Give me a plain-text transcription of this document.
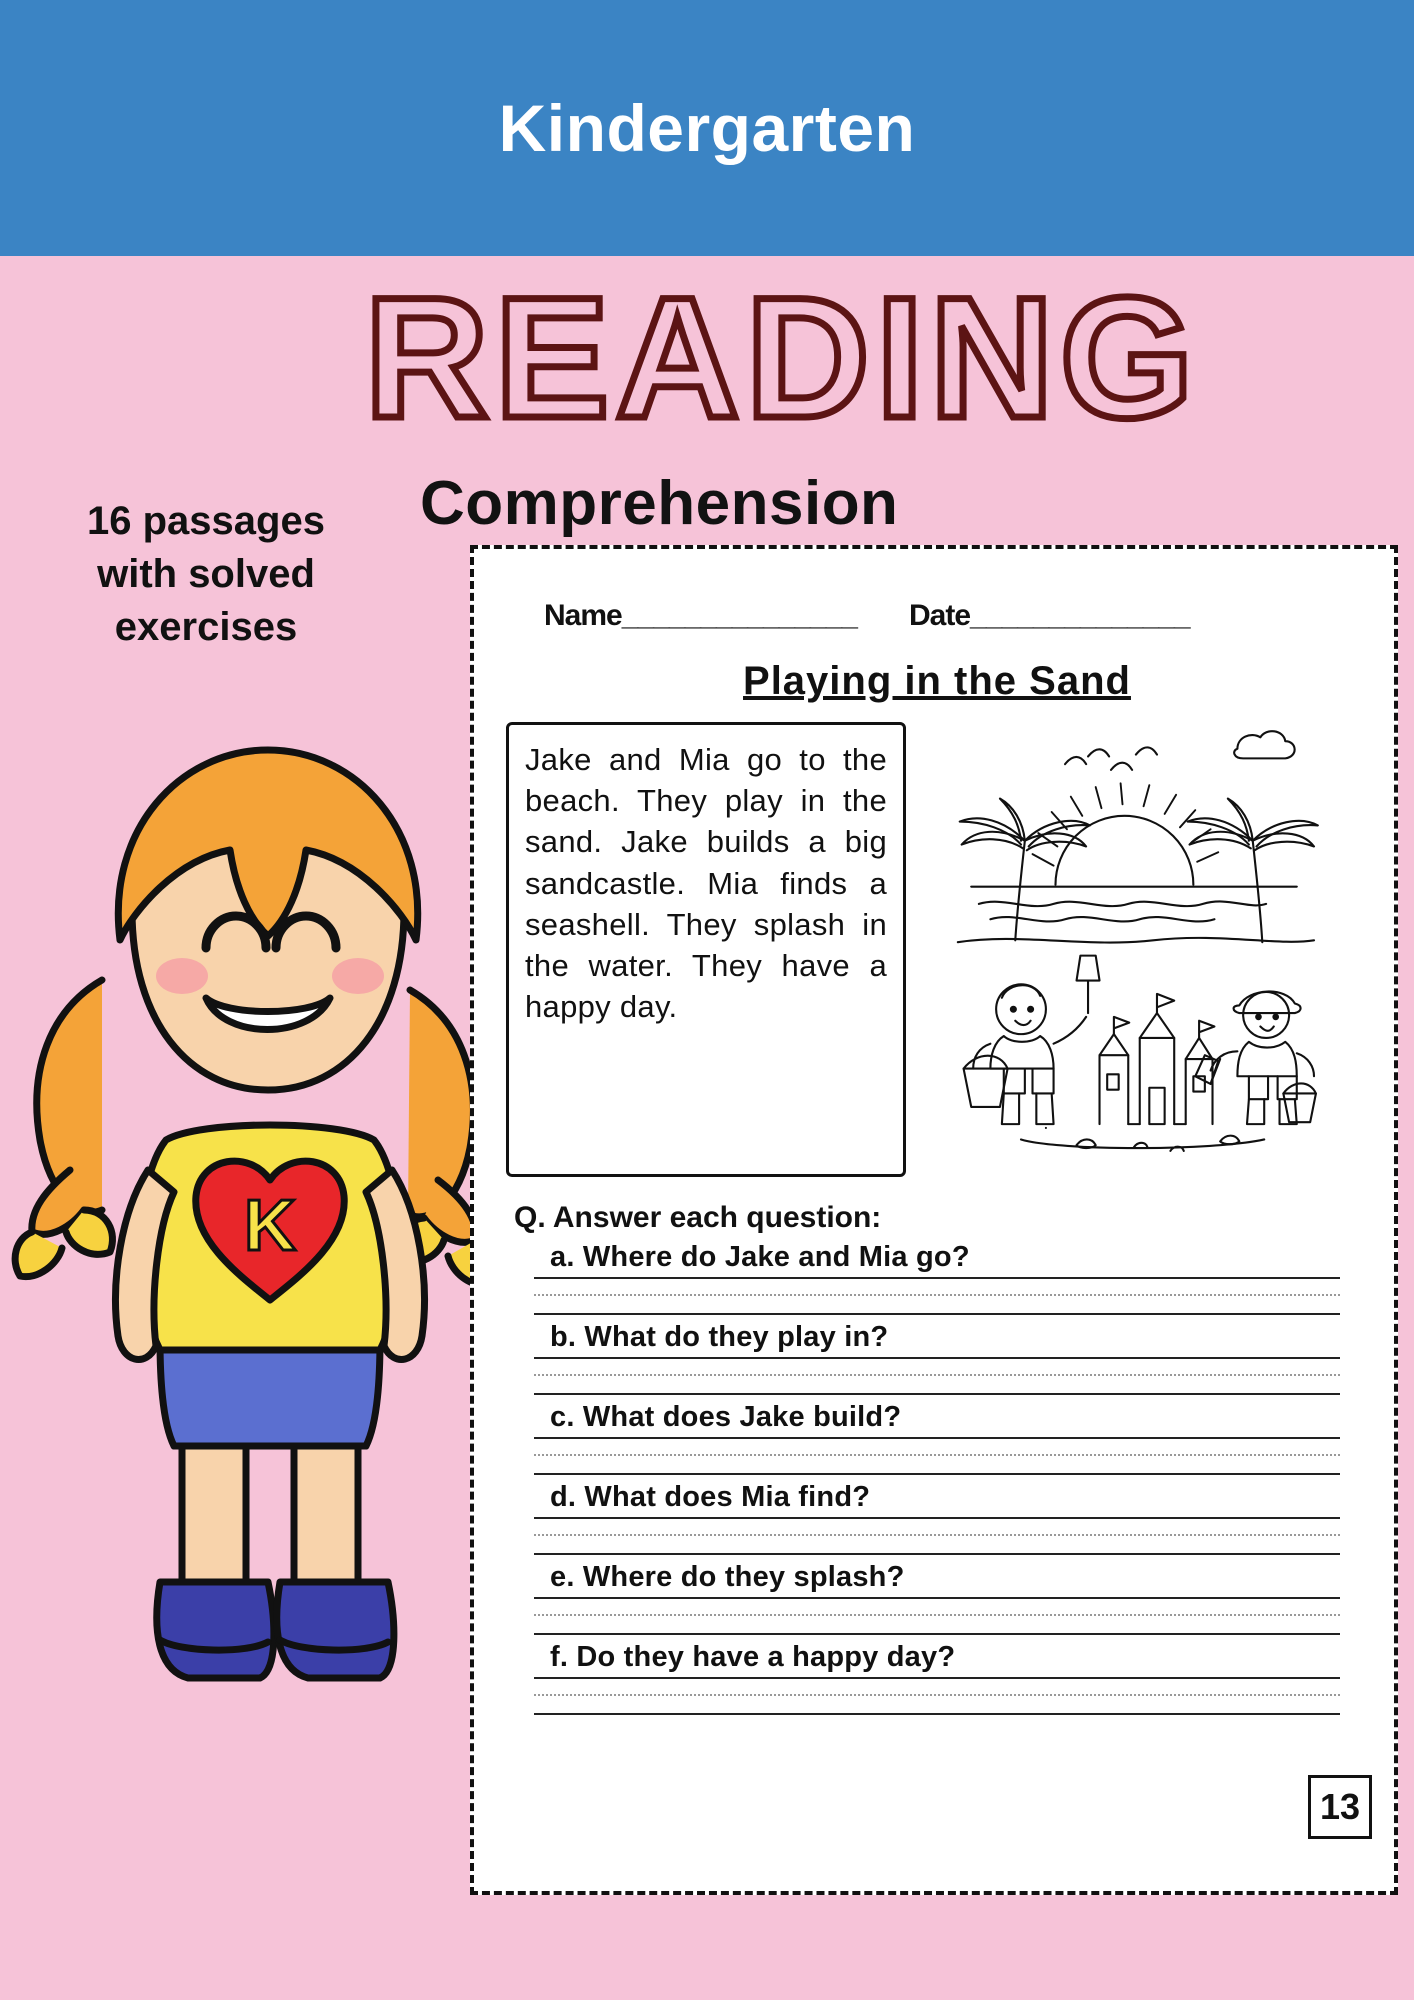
Kindergarten
READING
Comprehension
16 passages
with solved
exercises
K
Name_______________ Date______________
Playing in the Sand
Jake and Mia go to the beach. They play in the sand. Jake builds a big sandcastle. Mia finds a seashell. They splash in the water. They have a happy day.
Q. Answer each question:
a. Where do Jake and Mia go?
b. What do they play in?
c. What does Jake build?
d. What does Mia find?
e. Where do they splash?
f. Do they have a happy day?
13
